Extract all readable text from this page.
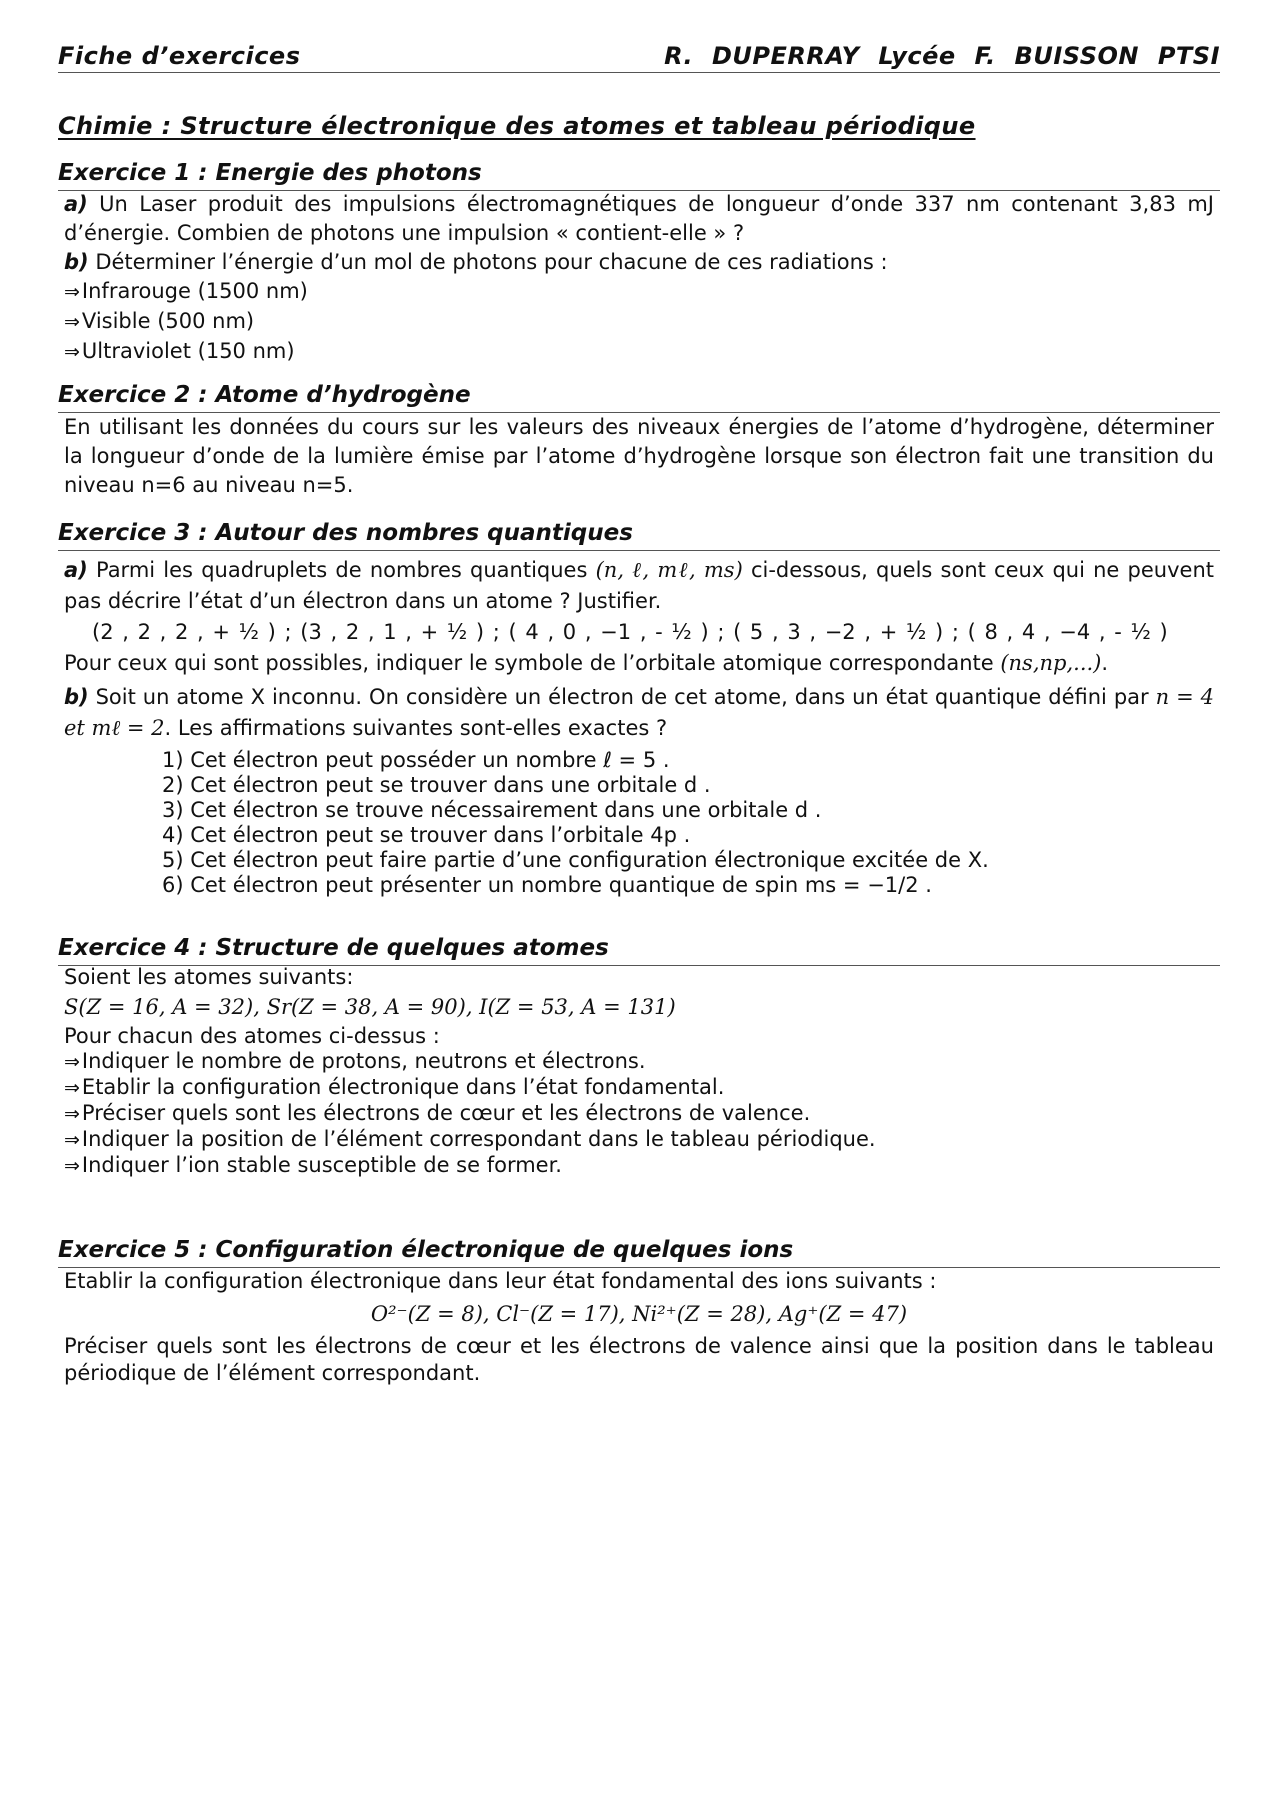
Fiche d’exercices	R. DUPERRAY Lycée F. BUISSON PTSI
Chimie : Structure électronique des atomes et tableau périodique
Exercice 1 : Energie des photons

a) Un Laser produit des impulsions électromagnétiques de longueur d’onde 337 nm contenant 3,83 mJ d’énergie. Combien de photons une impulsion « contient-elle » ?

b) Déterminer l’énergie d’un mol de photons pour chacune de ces radiations :

⇒Infrarouge (1500 nm)

⇒Visible (500 nm)

⇒Ultraviolet (150 nm)

Exercice 2 : Atome d’hydrogène

En utilisant les données du cours sur les valeurs des niveaux énergies de l’atome d’hydrogène, déterminer la longueur d’onde de la lumière émise par l’atome d’hydrogène lorsque son électron fait une transition du niveau n=6 au niveau n=5.

Exercice 3 : Autour des nombres quantiques

a) Parmi les quadruplets de nombres quantiques (n, ℓ, mℓ, ms) ci-dessous, quels sont ceux qui ne peuvent pas décrire l’état d’un électron dans un atome ? Justifier.

(2 , 2 , 2 , + ½ ) ; (3 , 2 , 1 , + ½ ) ; ( 4 , 0 , −1 , - ½ ) ; ( 5 , 3 , −2 , + ½ ) ; ( 8 , 4 , −4 , - ½ )

Pour ceux qui sont possibles, indiquer le symbole de l’orbitale atomique correspondante (ns,np,...).

b) Soit un atome X inconnu. On considère un électron de cet atome, dans un état quantique défini par n = 4 et mℓ = 2. Les affirmations suivantes sont-elles exactes ?

1) Cet électron peut posséder un nombre ℓ = 5 .

2) Cet électron peut se trouver dans une orbitale d .

3) Cet électron se trouve nécessairement dans une orbitale d .

4) Cet électron peut se trouver dans l’orbitale 4p .

5) Cet électron peut faire partie d’une configuration électronique excitée de X.

6) Cet électron peut présenter un nombre quantique de spin ms = −1/2 .

Exercice 4 : Structure de quelques atomes

Soient les atomes suivants:

S(Z = 16, A = 32), Sr(Z = 38, A = 90), I(Z = 53, A = 131)

Pour chacun des atomes ci-dessus :

⇒Indiquer le nombre de protons, neutrons et électrons.

⇒Etablir la configuration électronique dans l’état fondamental.

⇒Préciser quels sont les électrons de cœur et les électrons de valence.

⇒Indiquer la position de l’élément correspondant dans le tableau périodique.

⇒Indiquer l’ion stable susceptible de se former.

Exercice 5 : Configuration électronique de quelques ions

Etablir la configuration électronique dans leur état fondamental des ions suivants :

O²⁻(Z = 8), Cl⁻(Z = 17), Ni²⁺(Z = 28), Ag⁺(Z = 47)

Préciser quels sont les électrons de cœur et les électrons de valence ainsi que la position dans le tableau périodique de l’élément correspondant.
